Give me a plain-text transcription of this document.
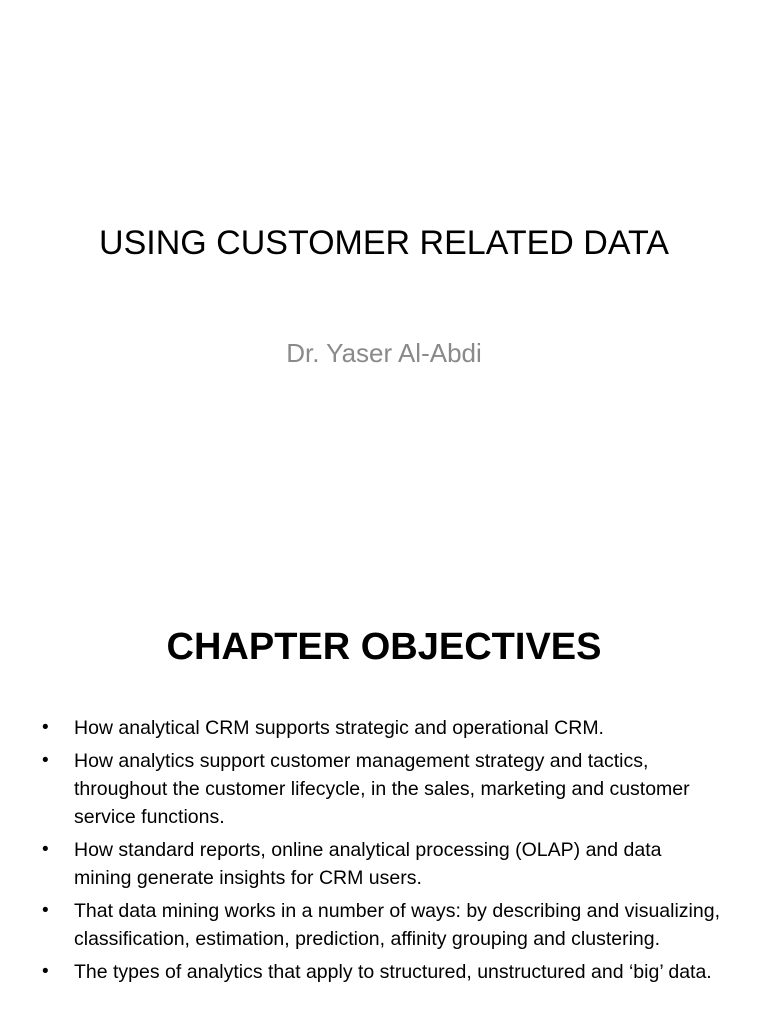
USING CUSTOMER RELATED DATA
Dr. Yaser Al-Abdi
CHAPTER OBJECTIVES
• How analytical CRM supports strategic and operational CRM.
• How analytics support customer management strategy and tactics, throughout the customer lifecycle, in the sales, marketing and customer service functions.
• How standard reports, online analytical processing (OLAP) and data mining generate insights for CRM users.
• That data mining works in a number of ways: by describing and visualizing, classification, estimation, prediction, affinity grouping and clustering.
• The types of analytics that apply to structured, unstructured and ‘big’ data.
